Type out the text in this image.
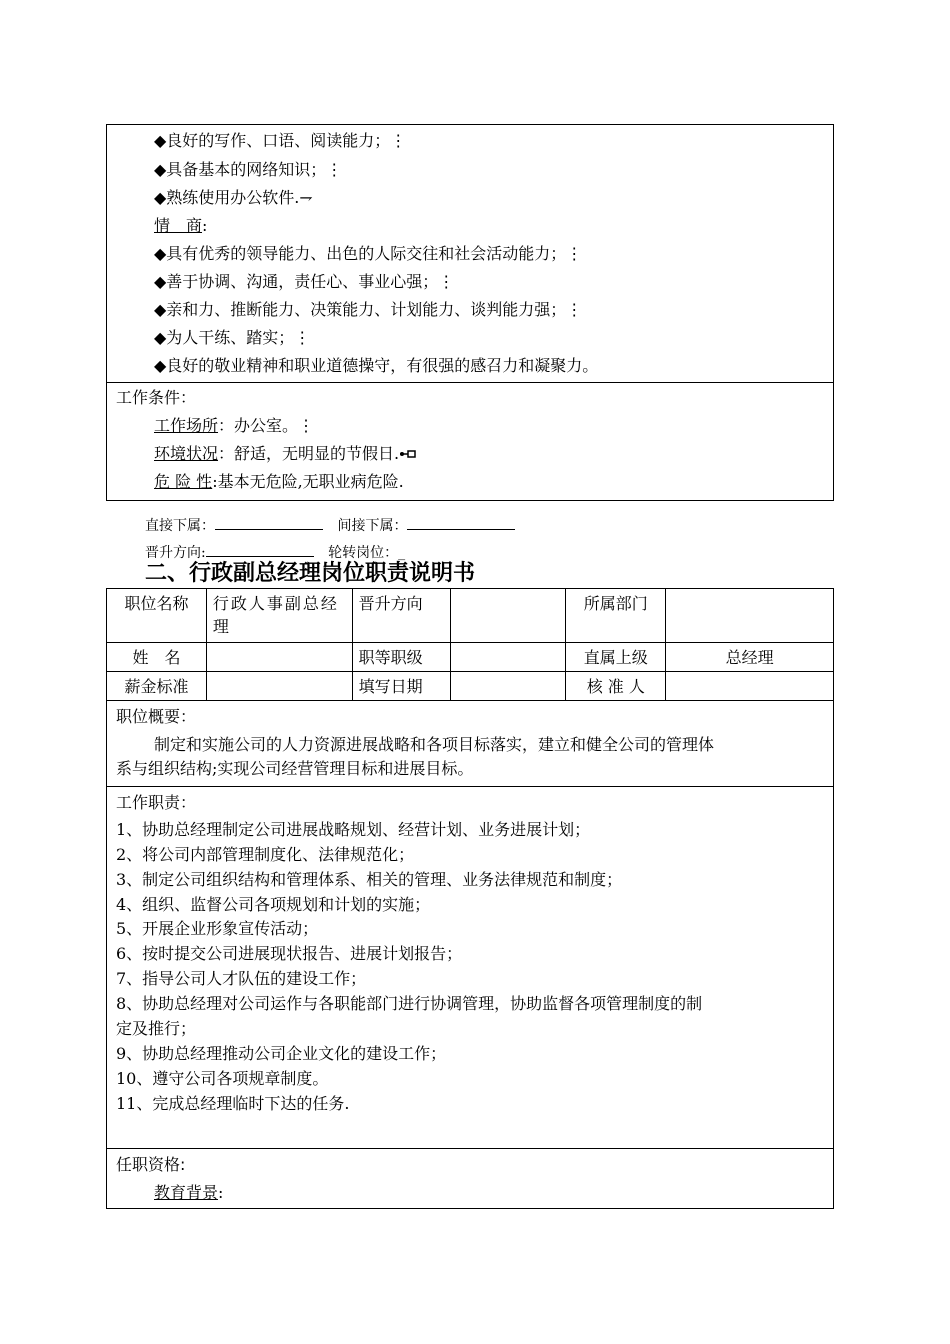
◆良好的写作、口语、阅读能力；⋮
◆具备基本的网络知识；⋮
◆熟练使用办公软件.⇁
情　商:
◆具有优秀的领导能力、出色的人际交往和社会活动能力；⋮
◆善于协调、沟通，责任心、事业心强；⋮
◆亲和力、推断能力、决策能力、计划能力、谈判能力强；⋮
◆为人干练、踏实；⋮
◆良好的敬业精神和职业道德操守，有很强的感召力和凝聚力。
工作条件：
工作场所：办公室。⋮
环境状况：舒适，无明显的节假日.
危 险 性:基本无危险,无职业病危险.
直接下属：	间接下属：
晋升方向:	轮转岗位：_
二、行政副总经理岗位职责说明书
职位名称	行政人事副总经理	晋升方向		所属部门	
姓　名		职等职级		直属上级	总经理
薪金标准		填写日期		核 准 人	
职位概要：
制定和实施公司的人力资源进展战略和各项目标落实，建立和健全公司的管理体
系与组织结构;实现公司经营管理目标和进展目标。
工作职责：
1、协助总经理制定公司进展战略规划、经营计划、业务进展计划；
2、将公司内部管理制度化、法律规范化；
3、制定公司组织结构和管理体系、相关的管理、业务法律规范和制度；
4、组织、监督公司各项规划和计划的实施；
5、开展企业形象宣传活动；
6、按时提交公司进展现状报告、进展计划报告；
7、指导公司人才队伍的建设工作；
8、协助总经理对公司运作与各职能部门进行协调管理，协助监督各项管理制度的制
定及推行；
9、协助总经理推动公司企业文化的建设工作；
10、遵守公司各项规章制度。
11、完成总经理临时下达的任务.
任职资格:
教育背景:
